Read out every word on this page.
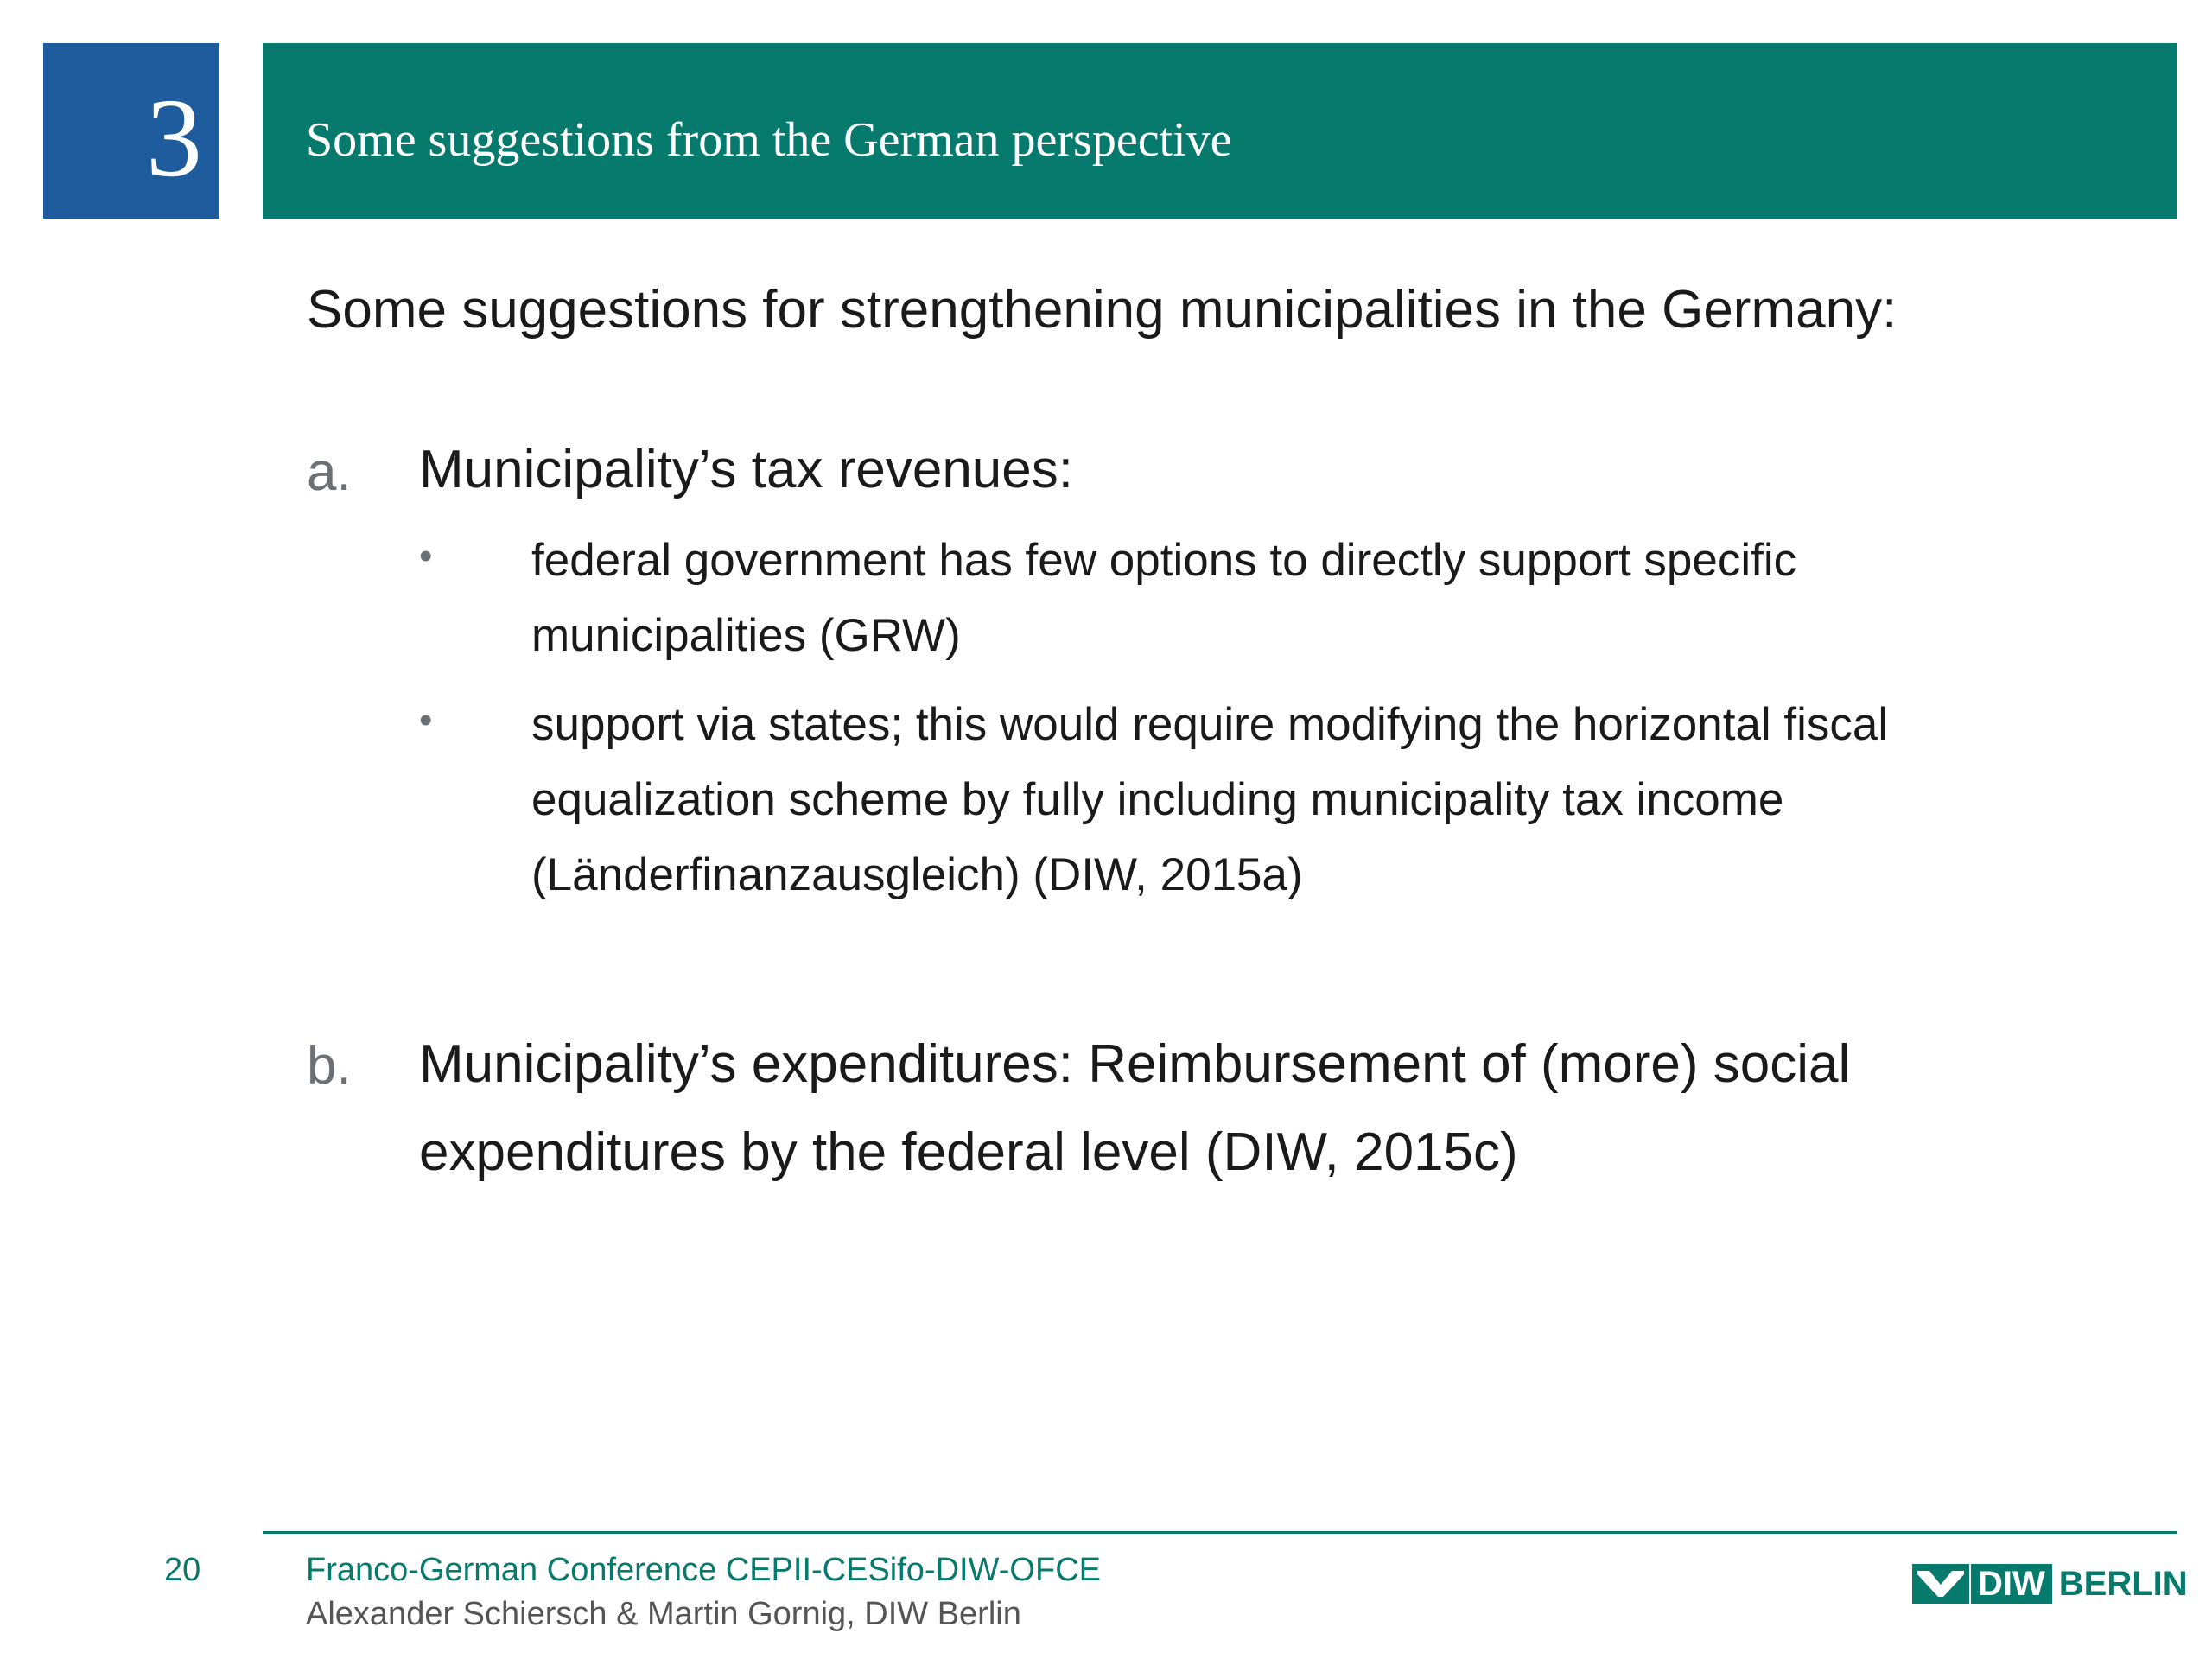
3 Some suggestions from the German perspective
Some suggestions for strengthening municipalities in the Germany:
a. Municipality’s tax revenues:
• federal government has few options to directly support specific
municipalities (GRW)
• support via states; this would require modifying the horizontal fiscal
equalization scheme by fully including municipality tax income
(Länderfinanzausgleich) (DIW, 2015a)
b. Municipality’s expenditures: Reimbursement of (more) social
expenditures by the federal level (DIW, 2015c)
20	Franco-German Conference CEPII-CESifo-DIW-OFCE
Alexander Schiersch & Martin Gornig, DIW Berlin
DIW BERLIN
